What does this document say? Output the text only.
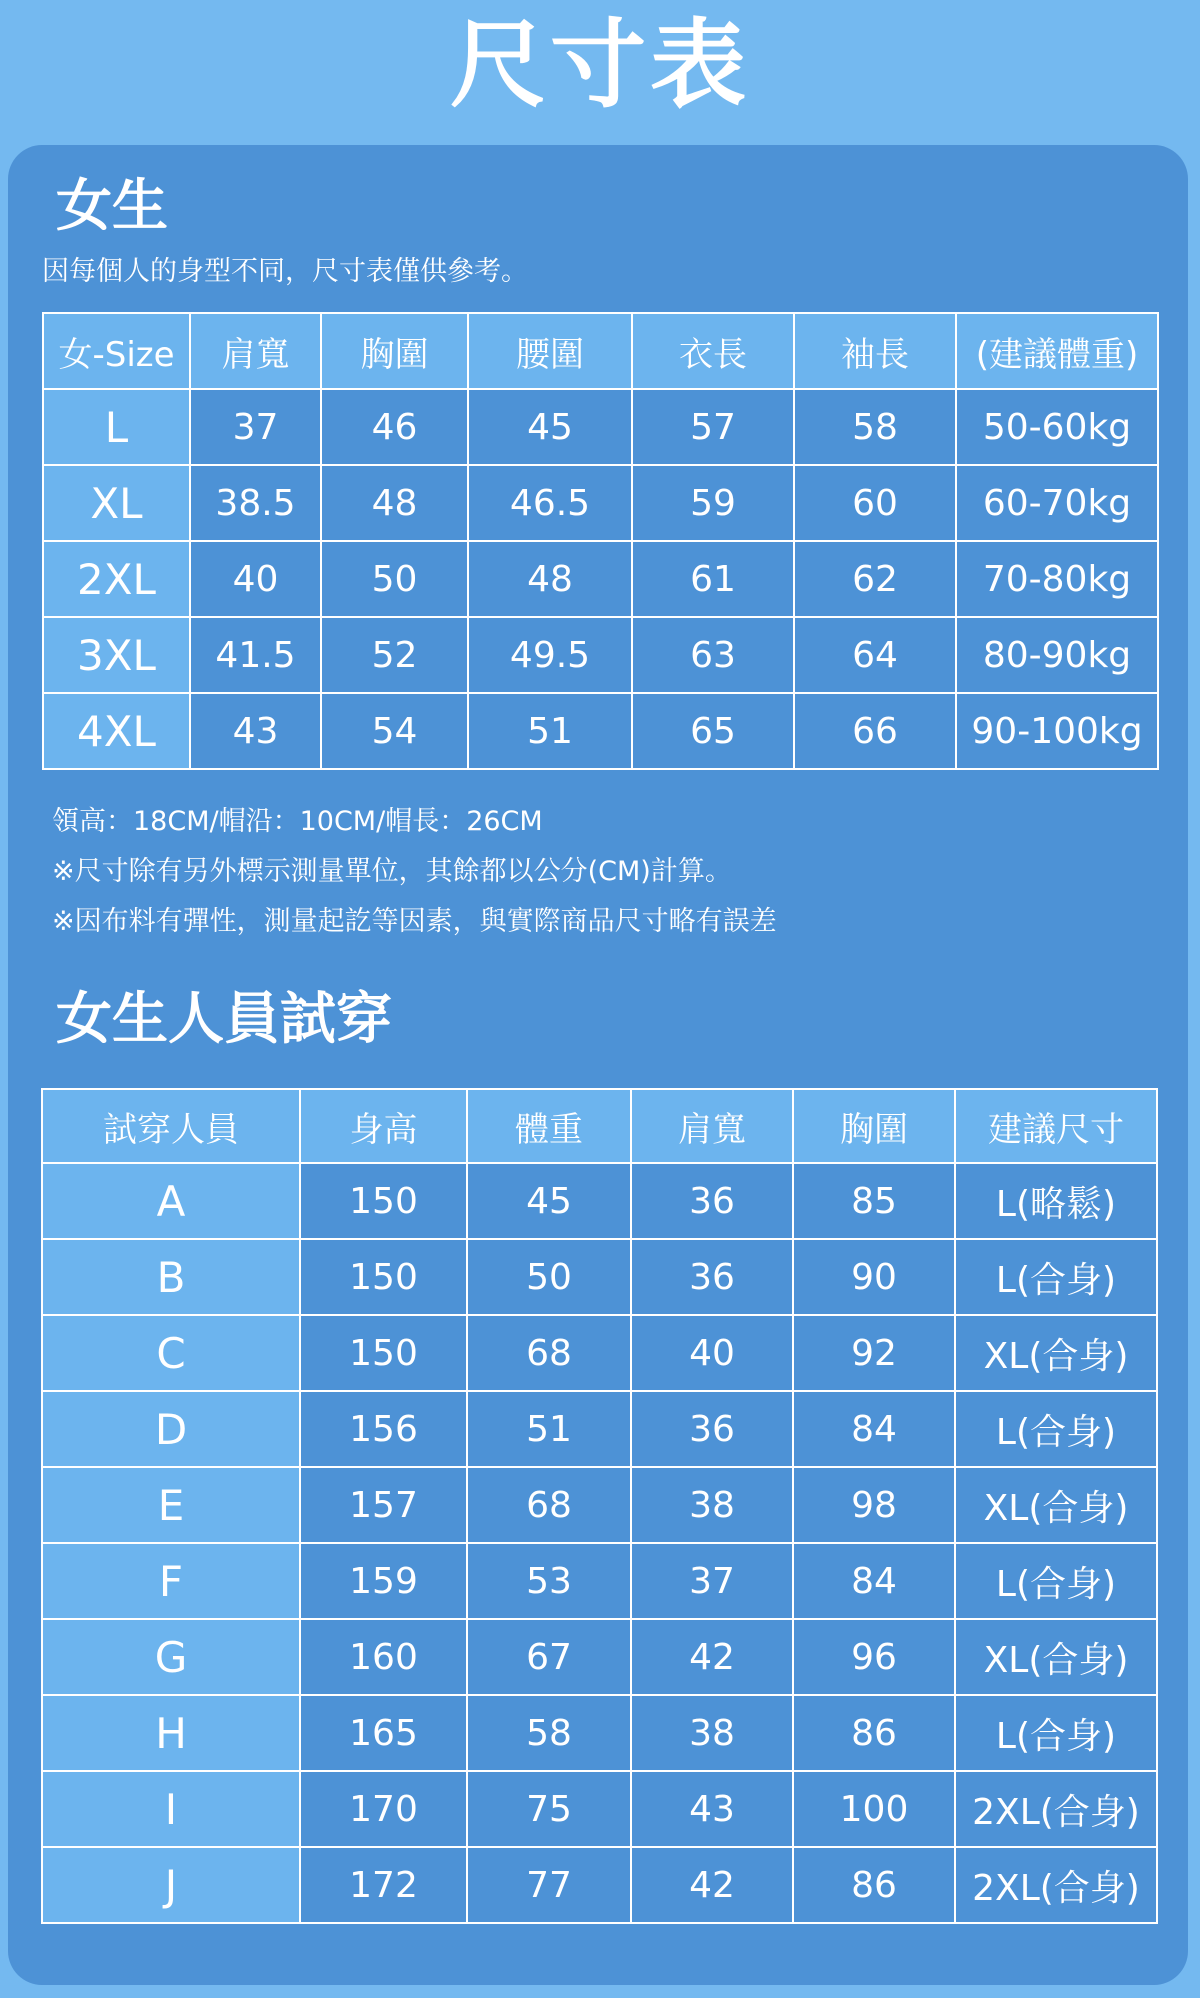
尺寸表
女生
因每個人的身型不同，尺寸表僅供參考。
女-Size	肩寬	胸圍	腰圍	衣長	袖長	(建議體重)
L	37	46	45	57	58	50-60kg
XL	38.5	48	46.5	59	60	60-70kg
2XL	40	50	48	61	62	70-80kg
3XL	41.5	52	49.5	63	64	80-90kg
4XL	43	54	51	65	66	90-100kg
領高：18CM/帽沿：10CM/帽長：26CM
※尺寸除有另外標示測量單位，其餘都以公分(CM)計算。
※因布料有彈性，測量起訖等因素，與實際商品尺寸略有誤差
女生人員試穿
試穿人員	身高	體重	肩寬	胸圍	建議尺寸
A	150	45	36	85	L(略鬆)
B	150	50	36	90	L(合身)
C	150	68	40	92	XL(合身)
D	156	51	36	84	L(合身)
E	157	68	38	98	XL(合身)
F	159	53	37	84	L(合身)
G	160	67	42	96	XL(合身)
H	165	58	38	86	L(合身)
I	170	75	43	100	2XL(合身)
J	172	77	42	86	2XL(合身)
